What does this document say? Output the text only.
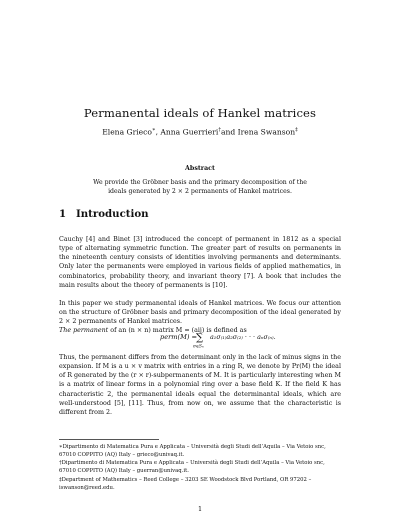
Permanental ideals of Hankel matrices
Elena Grieco∗, Anna Guerrieri†and Irena Swanson‡
Abstract
We provide the Gröbner basis and the primary decomposition of the ideals generated by 2 × 2 permanents of Hankel matrices.
1 Introduction
Cauchy [4] and Binet [3] introduced the concept of permanent in 1812 as a special type of alternating symmetric function. The greater part of results on permanents in the nineteenth century consists of identities involving permanents and determinants. Only later the permanents were employed in various fields of applied mathematics, in combinatorics, probability theory, and invariant theory [7]. A book that includes the main results about the theory of permanents is [10].
In this paper we study permanental ideals of Hankel matrices. We focus our attention on the structure of Gröbner basis and primary decomposition of the ideal generated by 2 × 2 permanents of Hankel matrices.
The permanent of an (n × n) matrix M = (aij) is defined as
perm(M) =
∑
σ∈Sₙ
a₁σ₍₁₎a₂σ₍₂₎ · · · aₙσ₍ₙ₎.
Thus, the permanent differs from the determinant only in the lack of minus signs in the expansion. If M is a u × v matrix with entries in a ring R, we denote by Pr(M) the ideal of R generated by the (r × r)-subpermanents of M. It is particularly interesting when M is a matrix of linear forms in a polynomial ring over a base field K. If the field K has characteristic 2, the permanental ideals equal the determinantal ideals, which are well-understood [5], [11]. Thus, from now on, we assume that the characteristic is different from 2.
∗Dipartimento di Matematica Pura e Applicata – Università degli Studi dell’Aquila – Via Vetoio snc, 67010 COPPITO (AQ) Italy – grieco@univaq.it.
†Dipartimento di Matematica Pura e Applicata – Università degli Studi dell’Aquila – Via Vetoio snc, 67010 COPPITO (AQ) Italy – guerran@univaq.it.
‡Department of Mathematics – Reed College – 3203 SE Woodstock Blvd Portland, OR 97202 – iswanson@reed.edu.
1
